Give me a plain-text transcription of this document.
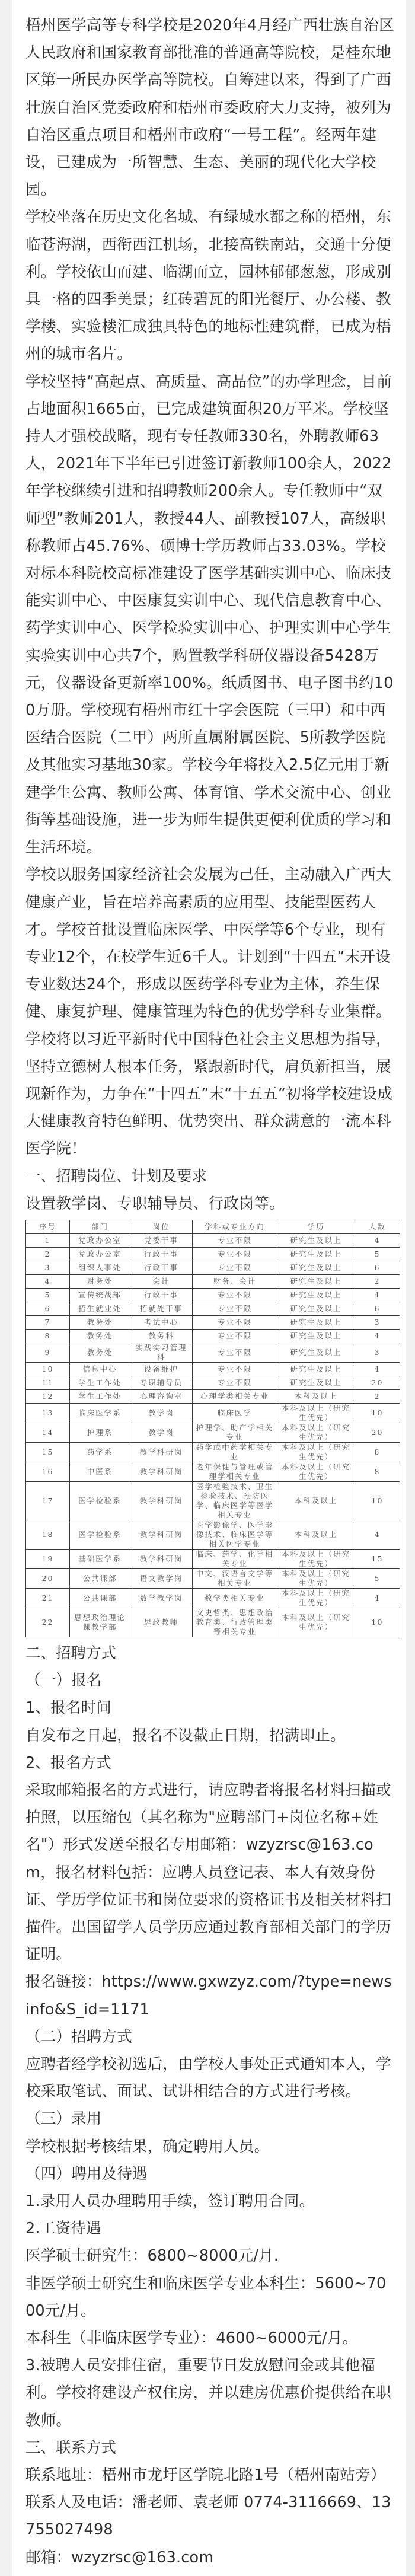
梧州医学高等专科学校是2020年4月经广西壮族自治区人民政府和国家教育部批准的普通高等院校，是桂东地区第一所民办医学高等院校。自筹建以来，得到了广西壮族自治区党委政府和梧州市委政府大力支持，被列为自治区重点项目和梧州市政府“一号工程”。经两年建设，已建成为一所智慧、生态、美丽的现代化大学校园。

学校坐落在历史文化名城、有绿城水都之称的梧州，东临苍海湖，西衔西江机场，北接高铁南站，交通十分便利。学校依山而建、临湖而立，园林郁郁葱葱，形成别具一格的四季美景；红砖碧瓦的阳光餐厅、办公楼、教学楼、实验楼汇成独具特色的地标性建筑群，已成为梧州的城市名片。

学校坚持“高起点、高质量、高品位”的办学理念，目前占地面积1665亩，已完成建筑面积20万平米。学校坚持人才强校战略，现有专任教师330名，外聘教师63人，2021年下半年已引进签订新教师100余人，2022年学校继续引进和招聘教师200余人。专任教师中“双师型”教师201人，教授44人、副教授107人，高级职称教师占45.76%、硕博士学历教师占33.03%。学校对标本科院校高标准建设了医学基础实训中心、临床技能实训中心、中医康复实训中心、现代信息教育中心、药学实训中心、医学检验实训中心、护理实训中心学生实验实训中心共7个，购置教学科研仪器设备5428万元，仪器设备更新率100%。纸质图书、电子图书约100万册。学校现有梧州市红十字会医院（三甲）和中西医结合医院（二甲）两所直属附属医院、5所教学医院及其他实习基地30家。学校今年将投入2.5亿元用于新建学生公寓、教师公寓、体育馆、学术交流中心、创业街等基础设施，进一步为师生提供更便利优质的学习和生活环境。

学校以服务国家经济社会发展为己任，主动融入广西大健康产业，旨在培养高素质的应用型、技能型医药人才。学校首批设置临床医学、中医学等6个专业，现有专业12个，在校学生近6千人。计划到“十四五”末开设专业数达24个，形成以医药学科专业为主体，养生保健、康复护理、健康管理为特色的优势学科专业集群。

学校将以习近平新时代中国特色社会主义思想为指导，坚持立德树人根本任务，紧跟新时代，肩负新担当，展现新作为，力争在“十四五”末“十五五”初将学校建设成大健康教育特色鲜明、优势突出、群众满意的一流本科医学院！

一、招聘岗位、计划及要求

设置教学岗、专职辅导员、行政岗等。

序号	部门	岗位	学科或专业方向	学历	人数
1	党政办公室	党委干事	专业不限	研究生及以上	4
2	党政办公室	行政干事	专业不限	研究生及以上	5
3	组织人事处	行政干事	专业不限	研究生及以上	6
4	财务处	会计	财务、会计	研究生及以上	2
5	宣传统战部	行政干事	专业不限	研究生及以上	4
6	招生就业处	招就处干事	专业不限	研究生及以上	6
7	教务处	考试中心	专业不限	研究生及以上	3
8	教务处	教务科	专业不限	研究生及以上	4
9	教务处	实践实习管理科	专业不限	研究生及以上	3
10	信息中心	设备维护	专业不限	研究生及以上	4
11	学生工作处	专职辅导员	专业不限	研究生及以上	20
12	学生工作处	心理咨询室	心理学类相关专业	本科及以上	2
13	临床医学系	教学岗	临床医学	本科及以上（研究生优先）	10
14	护理系	教学岗	护理学、助产学相关专业	本科及以上（研究生优先）	20
15	药学系	教学科研岗	药学或中药学相关专业	本科及以上（研究生优先）	8
16	中医系	教学科研岗	老年保健与管理或管理学相关专业	本科及以上（研究生优先）	8
17	医学检验系	教学科研岗	医学检验技术、卫生检验技术、预防医学、临床医学等医学相关专业	本科及以上	10
18	医学检验系	教学科研岗	医学影像学、医学影像技术、临床医学等相关医学专业	本科及以上	4
19	基础医学系	教学科研岗	临床、药学、化学相关专业	本科及以上（研究生优先）	15
20	公共课部	语文教学岗	中文、汉语言文学等相关专业	本科及以上（研究生优先）	5
21	公共课部	数学教学岗	数学类相关专业	本科及以上（研究生优先）	4
22	思想政治理论课教学部	思政教师	文史哲类、思想政治教育类、行政管理类等相关专业	本科及以上（研究生优先）	10

二、招聘方式

（一）报名

1、报名时间

自发布之日起，报名不设截止日期，招满即止。

2、报名方式

采取邮箱报名的方式进行，请应聘者将报名材料扫描或拍照，以压缩包（其名称为"应聘部门+岗位名称+姓名"）形式发送至报名专用邮箱：wzyzrsc@163.com，报名材料包括：应聘人员登记表、本人有效身份证、学历学位证书和岗位要求的资格证书及相关材料扫描件。出国留学人员学历应通过教育部相关部门的学历证明。

报名链接：https://www.gxwzyz.com/?type=newsinfo&S_id=1171

（二）招聘方式

应聘者经学校初选后，由学校人事处正式通知本人，学校采取笔试、面试、试讲相结合的方式进行考核。

（三）录用

学校根据考核结果，确定聘用人员。

（四）聘用及待遇

1.录用人员办理聘用手续，签订聘用合同。

2.工资待遇

医学硕士研究生：6800~8000元/月.

非医学硕士研究生和临床医学专业本科生：5600~7000元/月。

本科生（非临床医学专业）：4600~6000元/月。

3.被聘人员安排住宿，重要节日发放慰问金或其他福利。学校将建设产权住房，并以建房优惠价提供给在职教师。

三、联系方式

联系地址：梧州市龙圩区学院北路1号（梧州南站旁）

联系人及电话：潘老师、袁老师 0774-3116669、13755027498

邮箱：wzyzrsc@163.com
